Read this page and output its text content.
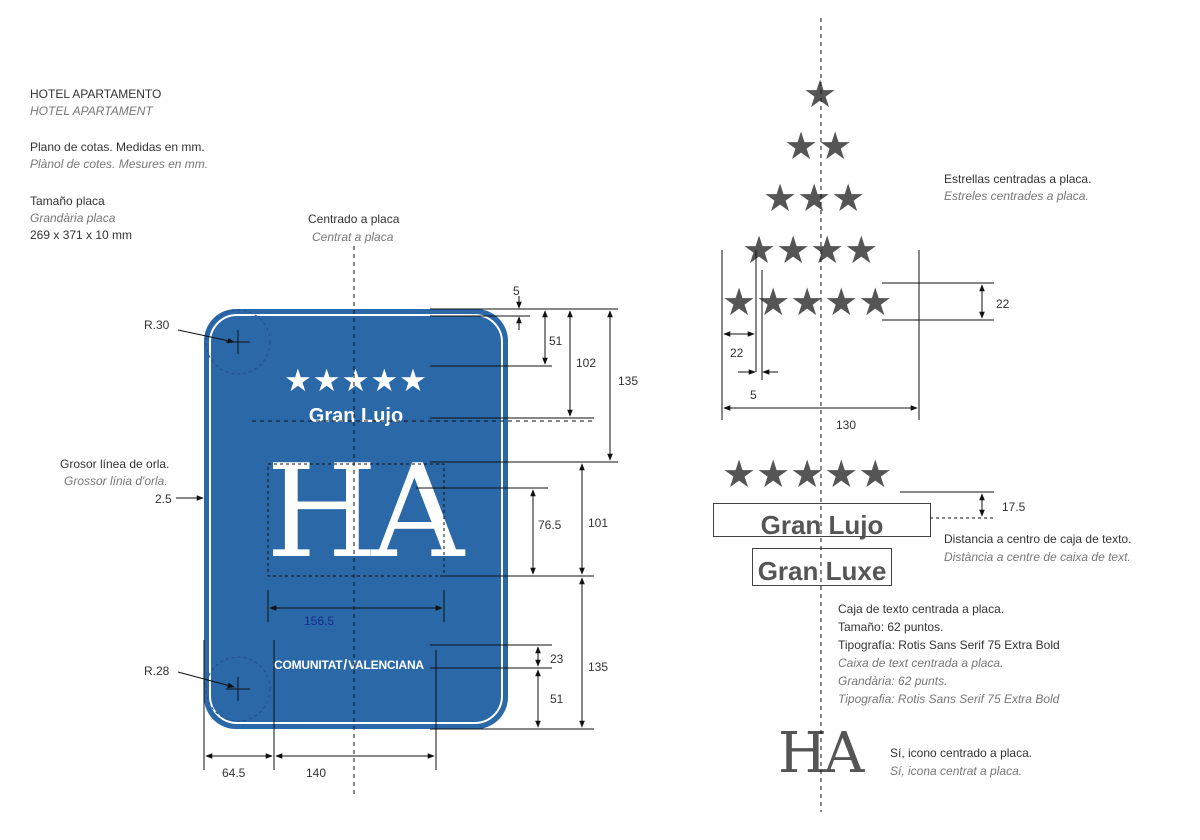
HOTEL APARTAMENTO
HOTEL APARTAMENT
Plano de cotas. Medidas en mm.
Plànol de cotes. Mesures en mm.
Tamaño placa
Grandària placa
269 x 371 x 10 mm
Centrado a placa
Centrat a placa
Grosor línea de orla.
Grossor línia d'orla.
2.5
R.30
R.28
★★★★★
Gran Lujo
HA
COMUNITAT/VALENCIANA
★
★★
★★★
★★★★
★★★★★
Estrellas centradas a placa.
Estreles centrades a placa.
22
22
5
130
★★★★★
17.5
Gran Lujo
Gran Luxe
Distancia a centro de caja de texto.
Distància a centre de caixa de text.
Caja de texto centrada a placa.
Tamaño: 62 puntos.
Tipografía: Rotis Sans Serif 75 Extra Bold
Caixa de text centrada a placa.
Grandària: 62 punts.
Tipografia: Rotis Sans Serif 75 Extra Bold
HA Sí, icono centrado a placa.
Sí, icona centrat a placa.
5
51
102
135
76.5 101
156.5
23
51
135
64.5	140
